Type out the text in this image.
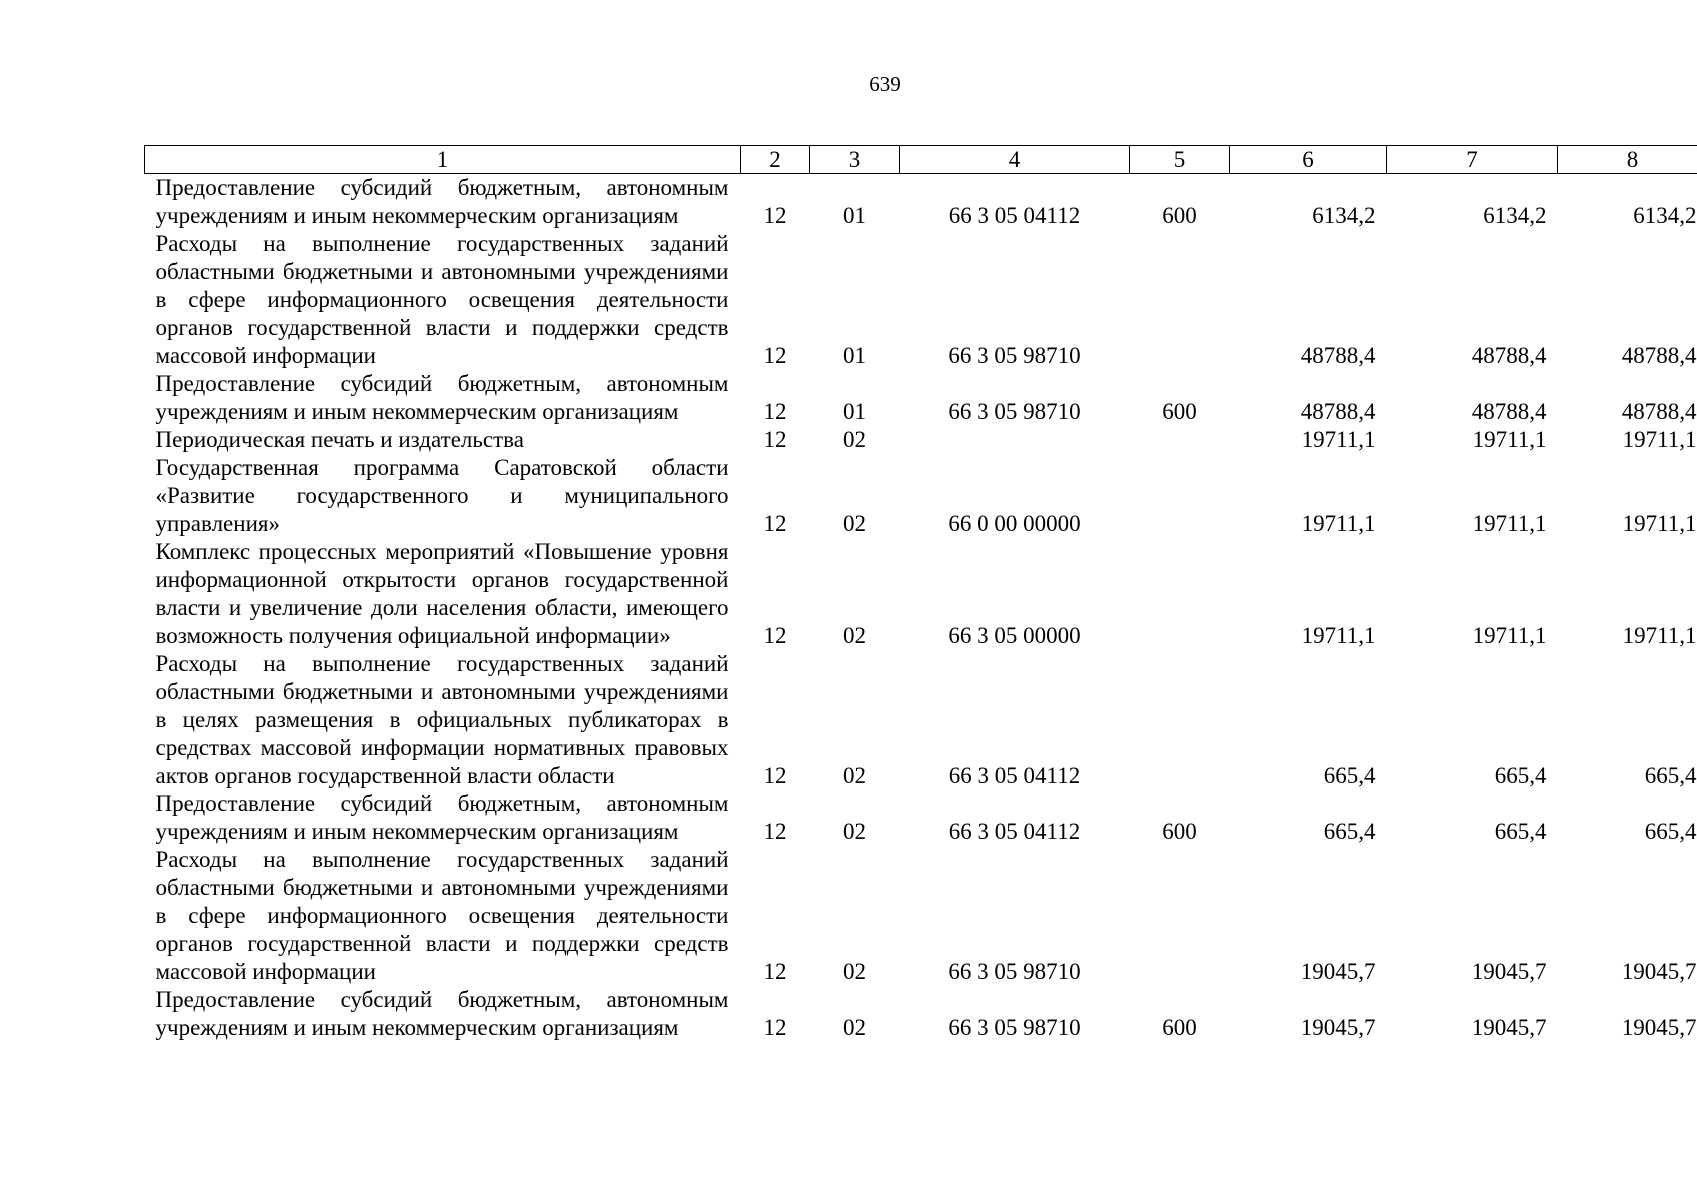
639
1	2	3	4	5	6	7	8
Предоставление субсидий бюджетным, автономным учреждениям и иным некоммерческим организациям	12	01	66 3 05 04112	600	6134,2	6134,2	6134,2
Расходы на выполнение государственных заданий областными бюджетными и автономными учреждениями в сфере информационного освещения деятельности органов государственной власти и поддержки средств массовой информации	12	01	66 3 05 98710		48788,4	48788,4	48788,4
Предоставление субсидий бюджетным, автономным учреждениям и иным некоммерческим организациям	12	01	66 3 05 98710	600	48788,4	48788,4	48788,4
Периодическая печать и издательства	12	02			19711,1	19711,1	19711,1
Государственная программа Саратовской области «Развитие государственного и муниципального управления»	12	02	66 0 00 00000		19711,1	19711,1	19711,1
Комплекс процессных мероприятий «Повышение уровня информационной открытости органов государственной власти и увеличение доли населения области, имеющего возможность получения официальной информации»	12	02	66 3 05 00000		19711,1	19711,1	19711,1
Расходы на выполнение государственных заданий областными бюджетными и автономными учреждениями в целях размещения в официальных публикаторах в средствах массовой информации нормативных правовых актов органов государственной власти области	12	02	66 3 05 04112		665,4	665,4	665,4
Предоставление субсидий бюджетным, автономным учреждениям и иным некоммерческим организациям	12	02	66 3 05 04112	600	665,4	665,4	665,4
Расходы на выполнение государственных заданий областными бюджетными и автономными учреждениями в сфере информационного освещения деятельности органов государственной власти и поддержки средств массовой информации	12	02	66 3 05 98710		19045,7	19045,7	19045,7
Предоставление субсидий бюджетным, автономным учреждениям и иным некоммерческим организациям	12	02	66 3 05 98710	600	19045,7	19045,7	19045,7
